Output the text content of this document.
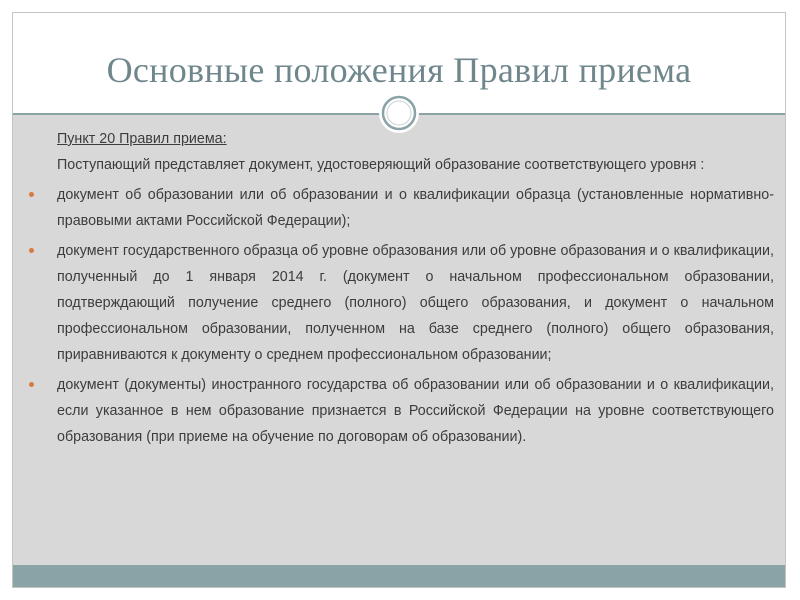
Основные положения Правил приема

Пункт 20 Правил приема:

Поступающий представляет документ, удостоверяющий образование соответствующего уровня :

документ об образовании или об образовании и о квалификации образца (установленные нормативно-правовыми актами Российской Федерации);
документ государственного образца об уровне образования или об уровне образования и о квалификации, полученный до 1 января 2014 г. (документ о начальном профессиональном образовании, подтверждающий получение среднего (полного) общего образования, и документ о начальном профессиональном образовании, полученном на базе среднего (полного) общего образования, приравниваются к документу о среднем профессиональном образовании;
документ (документы) иностранного государства об образовании или об образовании и о квалификации, если указанное в нем образование признается в Российской Федерации на уровне соответствующего образования (при приеме на обучение по договорам об образовании).
